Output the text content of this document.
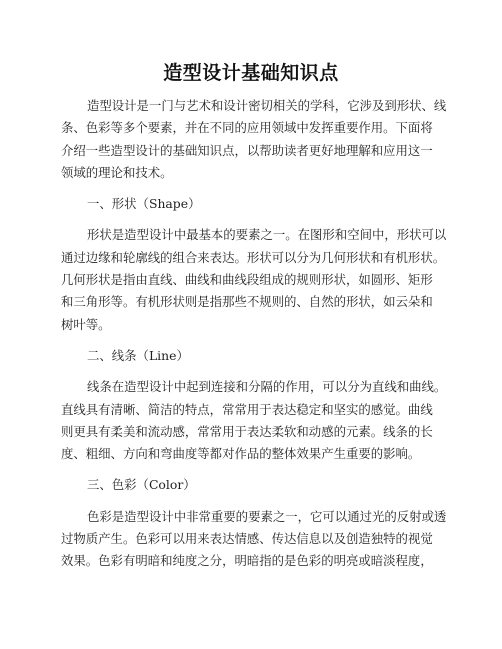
造型设计基础知识点

造型设计是一门与艺术和设计密切相关的学科，它涉及到形状、线
条、色彩等多个要素，并在不同的应用领域中发挥重要作用。下面将
介绍一些造型设计的基础知识点，以帮助读者更好地理解和应用这一
领域的理论和技术。

一、形状（Shape）

形状是造型设计中最基本的要素之一。在图形和空间中，形状可以
通过边缘和轮廓线的组合来表达。形状可以分为几何形状和有机形状。
几何形状是指由直线、曲线和曲线段组成的规则形状，如圆形、矩形
和三角形等。有机形状则是指那些不规则的、自然的形状，如云朵和
树叶等。

二、线条（Line）

线条在造型设计中起到连接和分隔的作用，可以分为直线和曲线。
直线具有清晰、简洁的特点，常常用于表达稳定和坚实的感觉。曲线
则更具有柔美和流动感，常常用于表达柔软和动感的元素。线条的长
度、粗细、方向和弯曲度等都对作品的整体效果产生重要的影响。

三、色彩（Color）

色彩是造型设计中非常重要的要素之一，它可以通过光的反射或透
过物质产生。色彩可以用来表达情感、传达信息以及创造独特的视觉
效果。色彩有明暗和纯度之分，明暗指的是色彩的明亮或暗淡程度，
